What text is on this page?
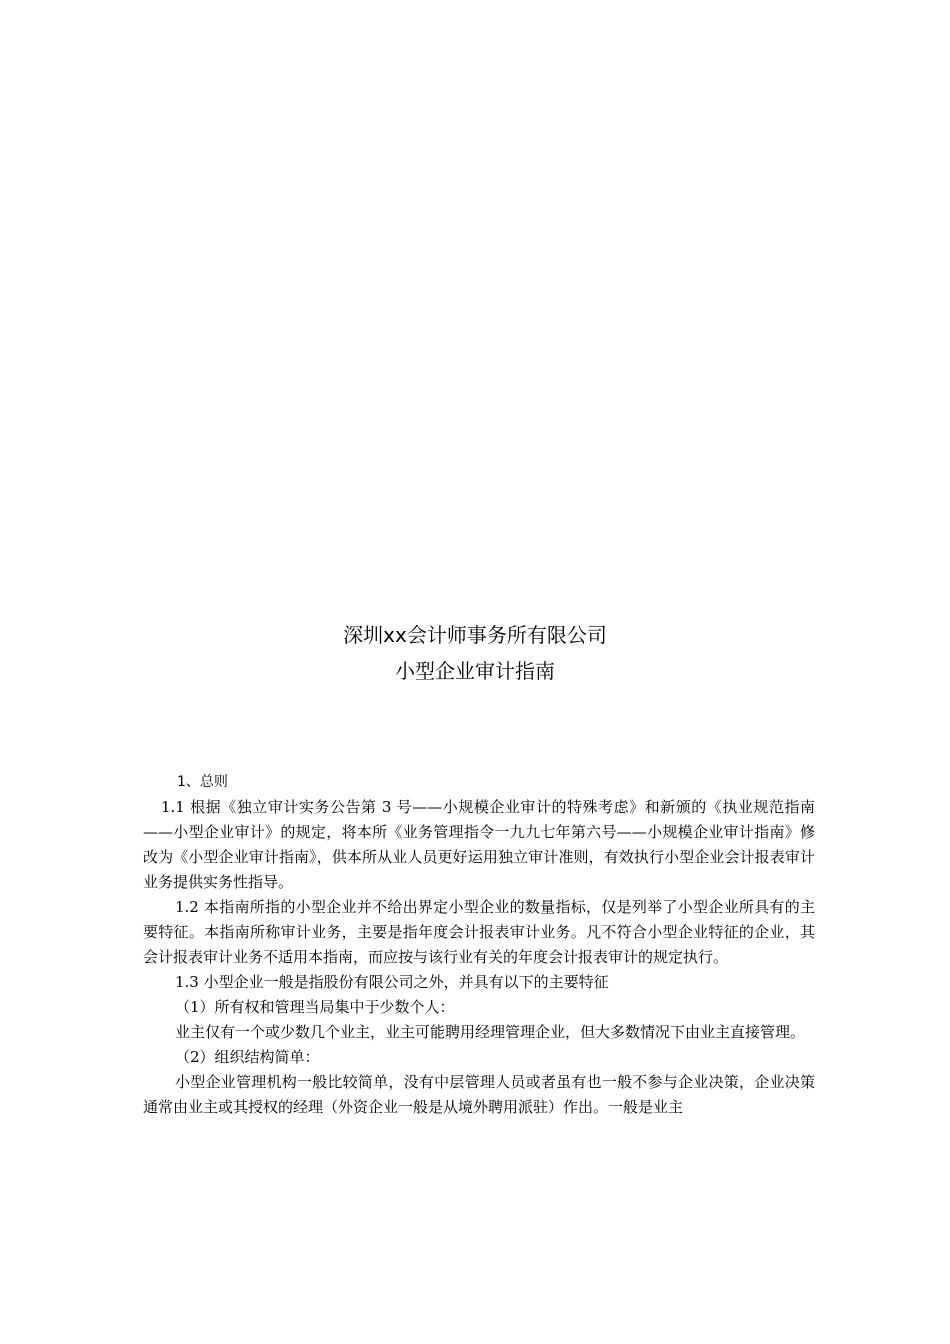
深圳xx会计师事务所有限公司
小型企业审计指南

1、总则

1.1 根据《独立审计实务公告第 3 号——小规模企业审计的特殊考虑》和新颁的《执业规范指南——小型企业审计》的规定，将本所《业务管理指令一九九七年第六号——小规模企业审计指南》修改为《小型企业审计指南》，供本所从业人员更好运用独立审计准则，有效执行小型企业会计报表审计业务提供实务性指导。

1.2 本指南所指的小型企业并不给出界定小型企业的数量指标，仅是列举了小型企业所具有的主要特征。本指南所称审计业务，主要是指年度会计报表审计业务。凡不符合小型企业特征的企业，其会计报表审计业务不适用本指南，而应按与该行业有关的年度会计报表审计的规定执行。

1.3 小型企业一般是指股份有限公司之外，并具有以下的主要特征

（1）所有权和管理当局集中于少数个人：

业主仅有一个或少数几个业主，业主可能聘用经理管理企业，但大多数情况下由业主直接管理。

（2）组织结构简单：

小型企业管理机构一般比较简单，没有中层管理人员或者虽有也一般不参与企业决策，企业决策通常由业主或其授权的经理（外资企业一般是从境外聘用派驻）作出。一般是业主
